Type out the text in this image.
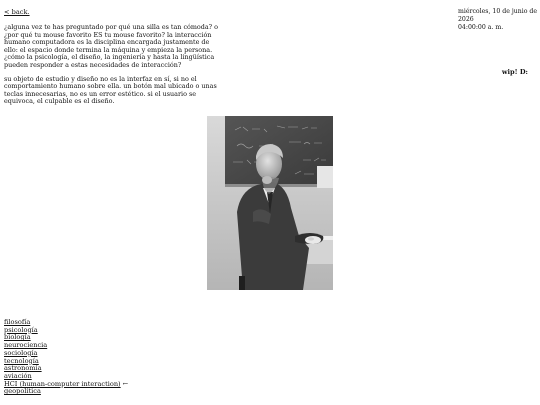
< back.	miércoles, 10 de junio de 2026
04:00:00 a. m.

¿alguna vez te has preguntado por qué una silla es tan cómoda? o ¿por qué tu mouse favorito ES tu mouse favorito? la interacción humano computadora es la disciplina encargada justamente de ello: el espacio donde termina la máquina y empieza la persona. ¿cómo la psicología, el diseño, la ingeniería y hasta la lingüística pueden responder a estas necesidades de interacción?

su objeto de estudio y diseño no es la interfaz en sí, si no el comportamiento humano sobre ella. un botón mal ubicado o unas teclas innecesarias, no es un error estético. si el usuario se equivoca, el culpable es el diseño.

wip! D:
filosofía
psicología
biología
neurociencia
sociología
tecnología
astronomía
aviación
HCI (human-computer interaction) ←
geopolítica
